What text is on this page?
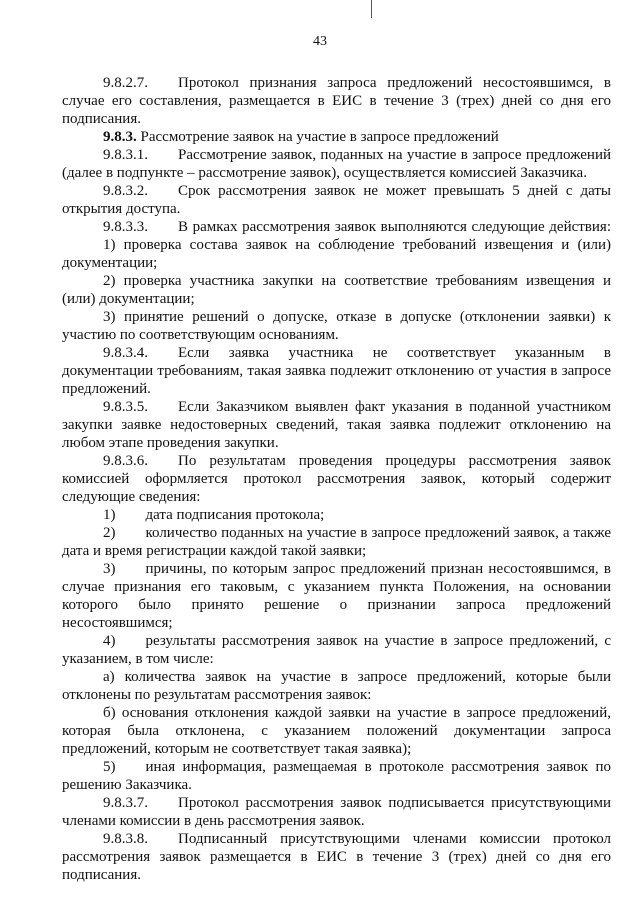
43
9.8.2.7.  Протокол признания запроса предложений несостоявшимся, в
случае его составления, размещается в ЕИС в течение 3 (трех) дней со дня его
подписания.
9.8.3. Рассмотрение заявок на участие в запросе предложений
9.8.3.1.  Рассмотрение заявок, поданных на участие в запросе предложений
(далее в подпункте – рассмотрение заявок), осуществляется комиссией Заказчика.
9.8.3.2.  Срок рассмотрения заявок не может превышать 5 дней с даты
открытия доступа.
9.8.3.3.  В рамках рассмотрения заявок выполняются следующие действия:
1) проверка состава заявок на соблюдение требований извещения и (или)
документации;
2) проверка участника закупки на соответствие требованиям извещения и
(или) документации;
3) принятие решений о допуске, отказе в допуске (отклонении заявки) к
участию по соответствующим основаниям.
9.8.3.4.  Если заявка участника не соответствует указанным в
документации требованиям, такая заявка подлежит отклонению от участия в запросе
предложений.
9.8.3.5.  Если Заказчиком выявлен факт указания в поданной участником
закупки заявке недостоверных сведений, такая заявка подлежит отклонению на
любом этапе проведения закупки.
9.8.3.6.  По результатам проведения процедуры рассмотрения заявок
комиссией оформляется протокол рассмотрения заявок, который содержит
следующие сведения:
1)  дата подписания протокола;
2)  количество поданных на участие в запросе предложений заявок, а также
дата и время регистрации каждой такой заявки;
3)  причины, по которым запрос предложений признан несостоявшимся, в
случае признания его таковым, с указанием пункта Положения, на основании
которого было принято решение о признании запроса предложений
несостоявшимся;
4)  результаты рассмотрения заявок на участие в запросе предложений, с
указанием, в том числе:
а) количества заявок на участие в запросе предложений, которые были
отклонены по результатам рассмотрения заявок:
б) основания отклонения каждой заявки на участие в запросе предложений,
которая была отклонена, с указанием положений документации запроса
предложений, которым не соответствует такая заявка);
5)  иная информация, размещаемая в протоколе рассмотрения заявок по
решению Заказчика.
9.8.3.7.  Протокол рассмотрения заявок подписывается присутствующими
членами комиссии в день рассмотрения заявок.
9.8.3.8.  Подписанный присутствующими членами комиссии протокол
рассмотрения заявок размещается в ЕИС в течение 3 (трех) дней со дня его
подписания.
